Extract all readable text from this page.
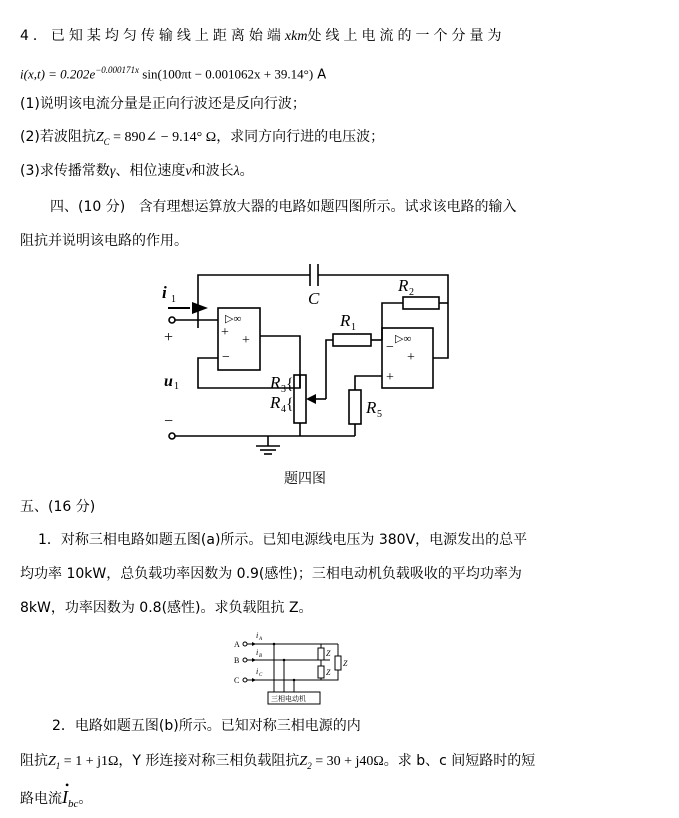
4．已知某均匀传输线上距离始端xkm处线上电流的一个分量为
$i(x,t) = 0.202e^{-0.000171x}$ sin(100πt − 0.001062x + 39.14°) A
(1)说明该电流分量是正向行波还是反向行波；
(2)若波阻抗$Z_C$ = 890∠ − 9.14° Ω，求同方向行进的电压波；
(3)求传播常数γ、相位速度v和波长λ。
四、(10 分) 含有理想运算放大器的电路如题四图所示。试求该电路的输入
阻抗并说明该电路的作用。
i 1
+
u 1
−
C
R 2
R 1
R 3
R 4
{
{	R 5
▷∞
+
+
−
▷∞
−
+
+
题四图
五、(16 分)
1．对称三相电路如题五图(a)所示。已知电源线电压为 380V，电源发出的总平
均功率 10kW，总负载功率因数为 0.9(感性)；三相电动机负载吸收的平均功率为
8kW，功率因数为 0.8(感性)。求负载阻抗 Z。
A
B
C
i A
i B
i C
Z
Z
Z
三相电动机
2．电路如题五图(b)所示。已知对称三相电源的内
阻抗$Z_1 = 1 + j1\Omega$，Y 形连接对称三相负载阻抗$Z_2 = 30 + j40\Omega$。求 b、c 间短路时的短
路电流
•
$I_{bc}$。
